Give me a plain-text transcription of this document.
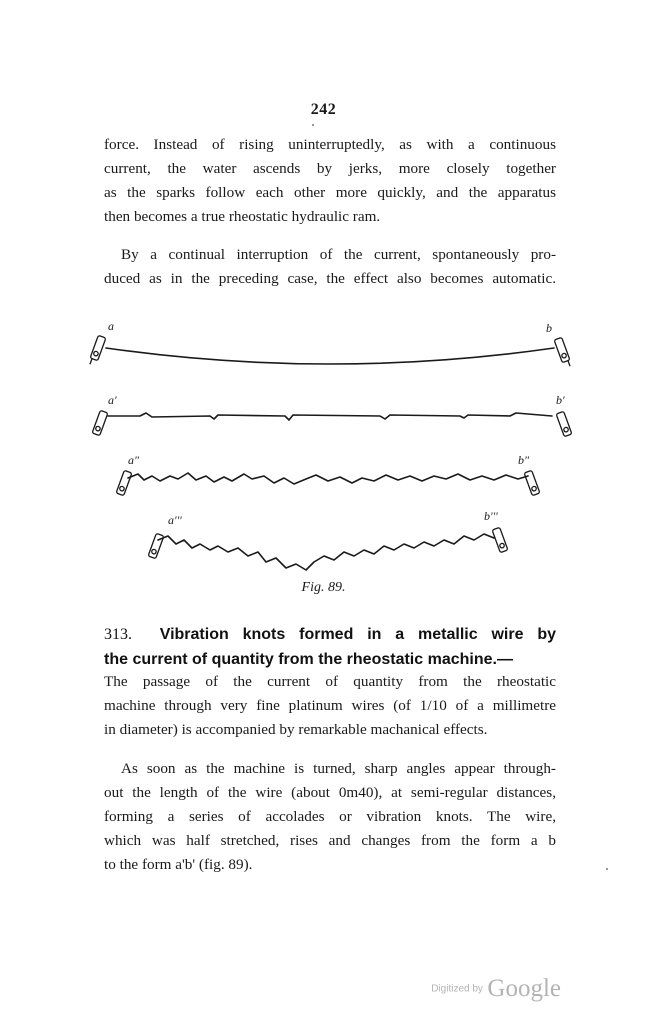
242
force. Instead of rising uninterruptedly, as with a continuous
current, the water ascends by jerks, more closely together
as the sparks follow each other more quickly, and the apparatus
then becomes a true rheostatic hydraulic ram.
By a continual interruption of the current, spontaneously pro-
duced as in the preceding case, the effect also becomes automatic.
a	b
a'	b'
a"	b"
a'''	b'''
Fig. 89.
313. Vibration knots formed in a metallic wire by
the current of quantity from the rheostatic machine.—
The passage of the current of quantity from the rheostatic
machine through very fine platinum wires (of 1/10 of a millimetre
in diameter) is accompanied by remarkable machanical effects.
As soon as the machine is turned, sharp angles appear through-
out the length of the wire (about 0m40), at semi-regular distances,
forming a series of accolades or vibration knots. The wire,
which was half stretched, rises and changes from the form a b
to the form a'b' (fig. 89).
Digitized by Google
